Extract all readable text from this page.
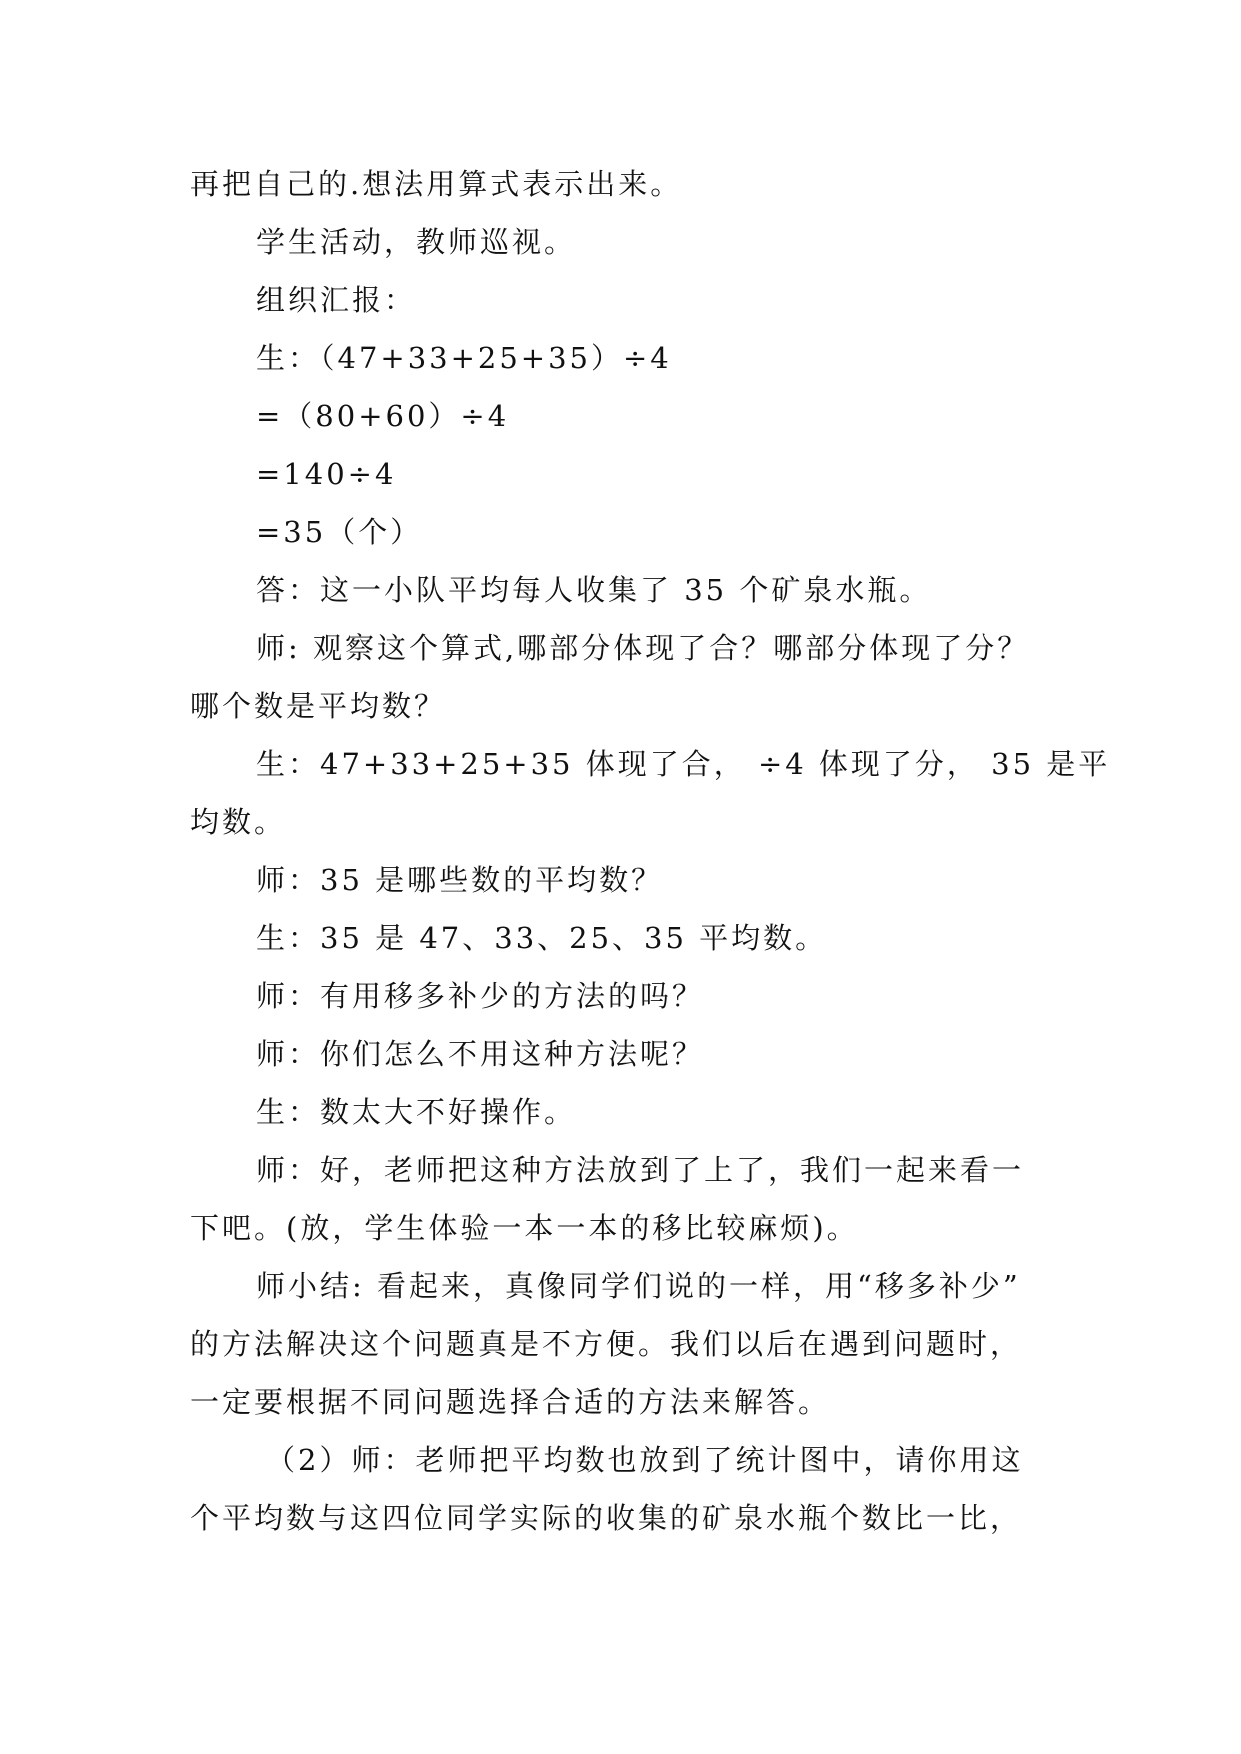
再把自己的.想法用算式表示出来。
学生活动，教师巡视。
组织汇报：
生：（47+33+25+35）÷4
=（80+60）÷4
=140÷4
=35（个）
答：这一小队平均每人收集了 35 个矿泉水瓶。
师: 观察这个算式,哪部分体现了合？哪部分体现了分？
哪个数是平均数？
生：47+33+25+35 体现了合， ÷4 体现了分， 35 是平
均数。
师：35 是哪些数的平均数？
生：35 是 47、33、25、35 平均数。
师：有用移多补少的方法的吗？
师：你们怎么不用这种方法呢？
生：数太大不好操作。
师：好，老师把这种方法放到了上了，我们一起来看一
下吧。(放，学生体验一本一本的移比较麻烦)。
师小结: 看起来，真像同学们说的一样，用“移多补少”
的方法解决这个问题真是不方便。我们以后在遇到问题时，
一定要根据不同问题选择合适的方法来解答。
（2）师：老师把平均数也放到了统计图中，请你用这
个平均数与这四位同学实际的收集的矿泉水瓶个数比一比，
